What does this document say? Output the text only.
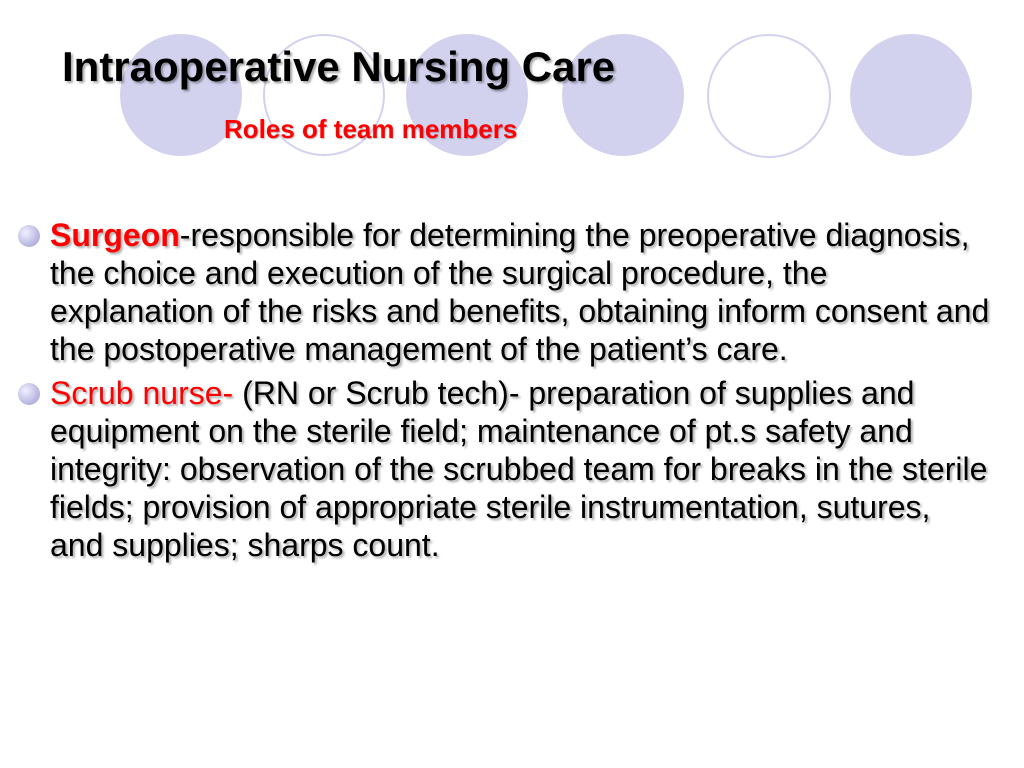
Intraoperative Nursing Care
Roles of team members
Surgeon-responsible for determining the preoperative diagnosis, the choice and execution of the surgical procedure, the explanation of the risks and benefits, obtaining inform consent and the postoperative management of the patient’s care.
Scrub nurse- (RN or Scrub tech)- preparation of supplies and equipment on the sterile field; maintenance of pt.s safety and integrity: observation of the scrubbed team for breaks in the sterile fields; provision of appropriate sterile instrumentation, sutures, and supplies; sharps count.
